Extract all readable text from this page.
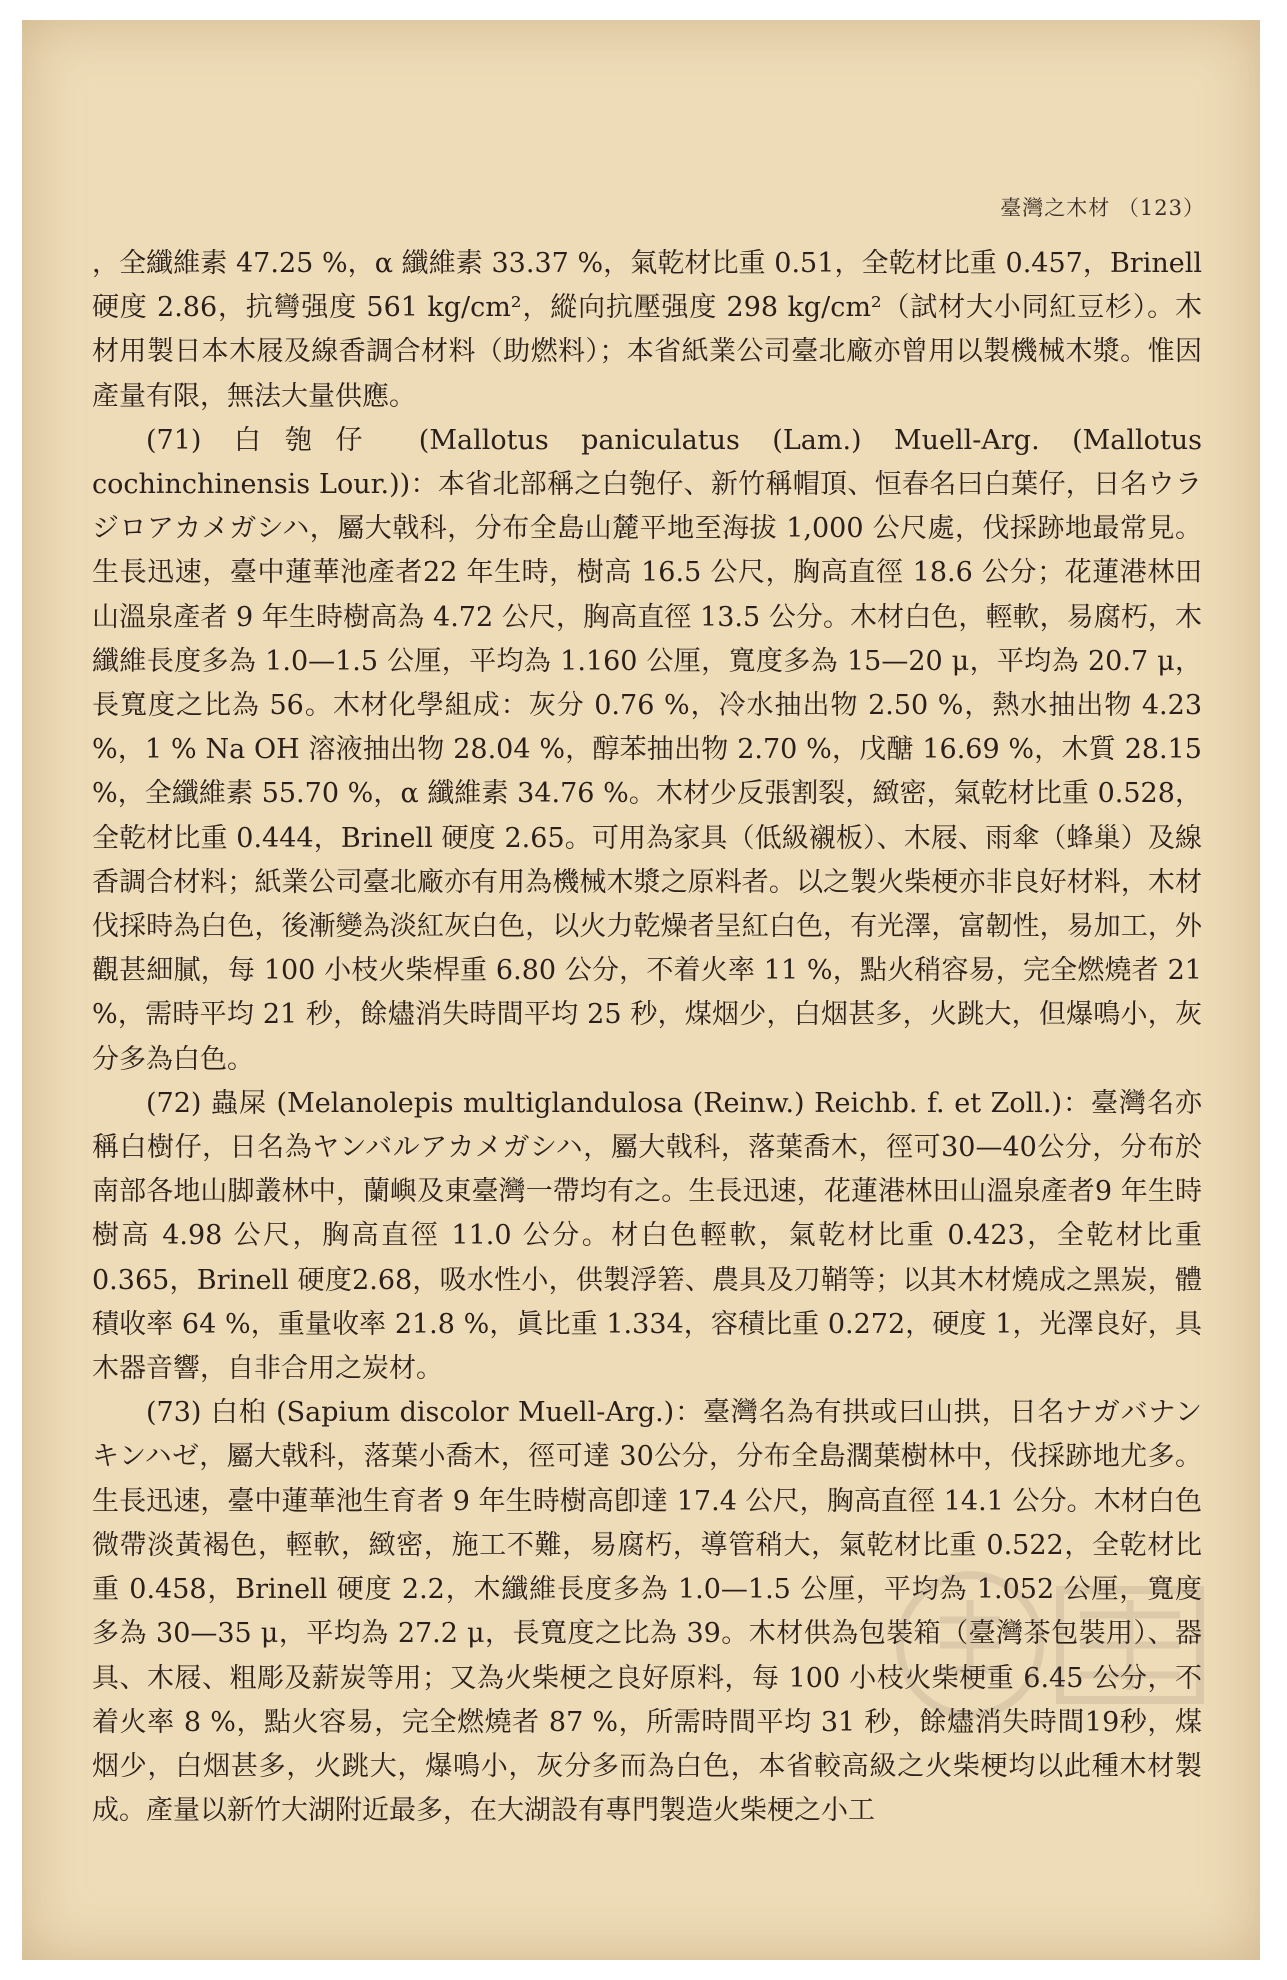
臺灣之木材 （123）

，全纖維素 47.25 %，α 纖維素 33.37 %，氣乾材比重 0.51，全乾材比重 0.457，Brinell 硬度 2.86，抗彎强度 561 kg/cm²，縱向抗壓强度 298 kg/cm²（試材大小同紅豆杉）。木材用製日本木屐及線香調合材料（助燃料）；本省紙業公司臺北廠亦曾用以製機械木漿。惟因產量有限，無法大量供應。

(71) 白匏仔 (Mallotus paniculatus (Lam.) Muell-Arg. (Mallotus cochinchinensis Lour.))：本省北部稱之白匏仔、新竹稱帽頂、恒春名曰白葉仔，日名ウラジロアカメガシハ，屬大戟科，分布全島山麓平地至海拔 1,000 公尺處，伐採跡地最常見。生長迅速，臺中蓮華池產者22 年生時，樹高 16.5 公尺，胸高直徑 18.6 公分；花蓮港林田山溫泉產者 9 年生時樹高為 4.72 公尺，胸高直徑 13.5 公分。木材白色，輕軟，易腐朽，木纖維長度多為 1.0—1.5 公厘，平均為 1.160 公厘，寬度多為 15—20 μ，平均為 20.7 μ，長寬度之比為 56。木材化學組成：灰分 0.76 %，冷水抽出物 2.50 %，熱水抽出物 4.23 %，1 % Na OH 溶液抽出物 28.04 %，醇苯抽出物 2.70 %，戊醣 16.69 %，木質 28.15 %，全纖維素 55.70 %，α 纖維素 34.76 %。木材少反張割裂，緻密，氣乾材比重 0.528，全乾材比重 0.444，Brinell 硬度 2.65。可用為家具（低級襯板）、木屐、雨傘（蜂巢）及線香調合材料；紙業公司臺北廠亦有用為機械木漿之原料者。以之製火柴梗亦非良好材料，木材伐採時為白色，後漸變為淡紅灰白色，以火力乾燥者呈紅白色，有光澤，富韌性，易加工，外觀甚細膩，每 100 小枝火柴桿重 6.80 公分，不着火率 11 %，點火稍容易，完全燃燒者 21 %，需時平均 21 秒，餘燼消失時間平均 25 秒，煤烟少，白烟甚多，火跳大，但爆鳴小，灰分多為白色。

(72) 蟲屎 (Melanolepis multiglandulosa (Reinw.) Reichb. f. et Zoll.)：臺灣名亦稱白樹仔，日名為ヤンバルアカメガシハ，屬大戟科，落葉喬木，徑可30—40公分，分布於南部各地山脚叢林中，蘭嶼及東臺灣一帶均有之。生長迅速，花蓮港林田山溫泉產者9 年生時樹高 4.98 公尺，胸高直徑 11.0 公分。材白色輕軟，氣乾材比重 0.423，全乾材比重0.365，Brinell 硬度2.68，吸水性小，供製浮箬、農具及刀鞘等；以其木材燒成之黑炭，體積收率 64 %，重量收率 21.8 %，眞比重 1.334，容積比重 0.272，硬度 1，光澤良好，具木器音響，自非合用之炭材。

(73) 白桕 (Sapium discolor Muell-Arg.)：臺灣名為有拱或曰山拱，日名ナガバナンキンハゼ，屬大戟科，落葉小喬木，徑可達 30公分，分布全島濶葉樹林中，伐採跡地尤多。生長迅速，臺中蓮華池生育者 9 年生時樹高卽達 17.4 公尺，胸高直徑 14.1 公分。木材白色微帶淡黃褐色，輕軟，緻密，施工不難，易腐朽，導管稍大，氣乾材比重 0.522，全乾材比重 0.458，Brinell 硬度 2.2，木纖維長度多為 1.0—1.5 公厘，平均為 1.052 公厘，寬度多為 30—35 μ，平均為 27.2 μ，長寬度之比為 39。木材供為包裝箱（臺灣茶包裝用）、器具、木屐、粗彫及薪炭等用；又為火柴梗之良好原料，每 100 小枝火柴梗重 6.45 公分，不着火率 8 %，點火容易，完全燃燒者 87 %，所需時間平均 31 秒，餘燼消失時間19秒，煤烟少，白烟甚多，火跳大，爆鳴小，灰分多而為白色，本省較高級之火柴梗均以此種木材製成。產量以新竹大湖附近最多，在大湖設有專門製造火柴梗之小工
